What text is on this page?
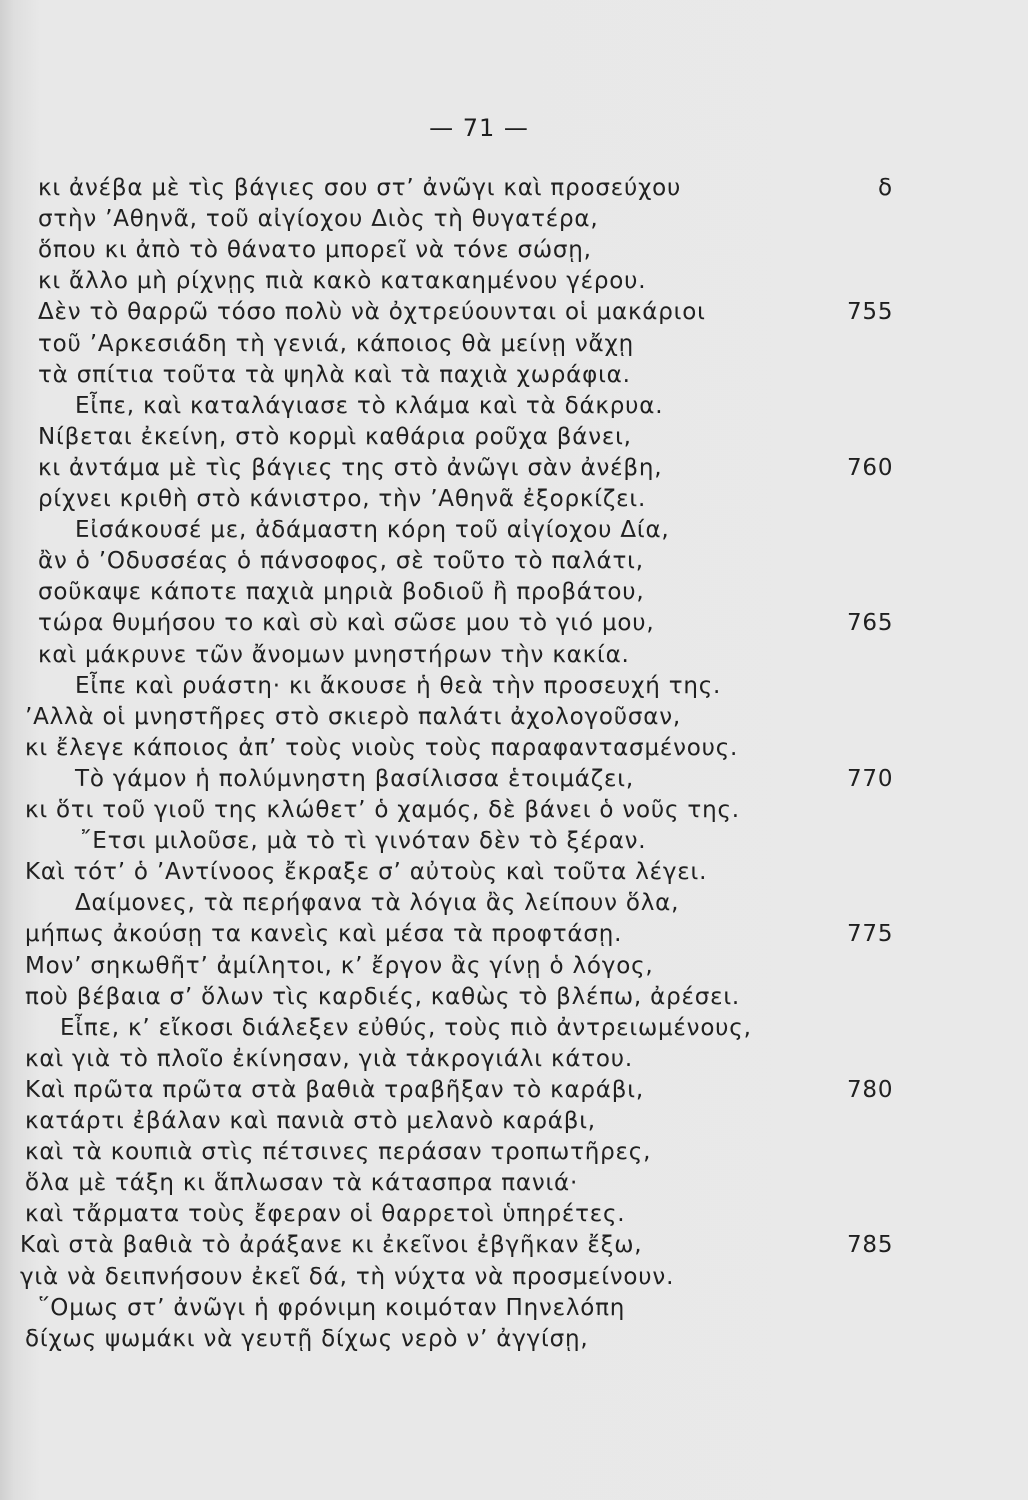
— 71 —
κι ἀνέβα μὲ τὶς βάγιες σου στ’ ἀνῶγι καὶ προσεύχου
στὴν ’Αθηνᾶ, τοῦ αἰγίοχου Διὸς τὴ θυγατέρα,
ὅπου κι ἀπὸ τὸ θάνατο μπορεῖ νὰ τόνε σώσῃ,
κι ἄλλο μὴ ρίχνῃς πιὰ κακὸ κατακαημένου γέρου.
Δὲν τὸ θαρρῶ τόσο πολὺ νὰ ὀχτρεύουνται οἱ μακάριοι	755
τοῦ ’Αρκεσιάδη τὴ γενιά, κάποιος θὰ μείνῃ νἄχῃ
τὰ σπίτια τοῦτα τὰ ψηλὰ καὶ τὰ παχιὰ χωράφια.
Εἶπε, καὶ καταλάγιασε τὸ κλάμα καὶ τὰ δάκρυα.
Νίβεται ἐκείνη, στὸ κορμὶ καθάρια ροῦχα βάνει,
κι ἀντάμα μὲ τὶς βάγιες της στὸ ἀνῶγι σὰν ἀνέβη,	760
ρίχνει κριθὴ στὸ κάνιστρο, τὴν ’Αθηνᾶ ἐξορκίζει.
Εἰσάκουσέ με, ἀδάμαστη κόρη τοῦ αἰγίοχου Δία,
ἂν ὁ ’Οδυσσέας ὁ πάνσοφος, σὲ τοῦτο τὸ παλάτι,
σοῦκαψε κάποτε παχιὰ μηριὰ βοδιοῦ ἢ προβάτου,
τώρα θυμήσου το καὶ σὺ καὶ σῶσε μου τὸ γιό μου,	765
καὶ μάκρυνε τῶν ἄνομων μνηστήρων τὴν κακία.
Εἶπε καὶ ρυάστη· κι ἄκουσε ἡ θεὰ τὴν προσευχή της.
’Αλλὰ οἱ μνηστῆρες στὸ σκιερὸ παλάτι ἀχολογοῦσαν,
κι ἔλεγε κάποιος ἀπ’ τοὺς νιοὺς τοὺς παραφαντασμένους.
Τὸ γάμον ἡ πολύμνηστη βασίλισσα ἑτοιμάζει,	770
κι ὅτι τοῦ γιοῦ της κλώθετ’ ὁ χαμός, δὲ βάνει ὁ νοῦς της.
῎Ετσι μιλοῦσε, μὰ τὸ τὶ γινόταν δὲν τὸ ξέραν.
Καὶ τότ’ ὁ ’Αντίνοος ἔκραξε σ’ αὐτοὺς καὶ τοῦτα λέγει.
Δαίμονες, τὰ περήφανα τὰ λόγια ἂς λείπουν ὅλα,
μήπως ἀκούσῃ τα κανεὶς καὶ μέσα τὰ προφτάσῃ.	775
Μον’ σηκωθῆτ’ ἀμίλητοι, κ’ ἔργον ἂς γίνῃ ὁ λόγος,
ποὺ βέβαια σ’ ὅλων τὶς καρδιές, καθὼς τὸ βλέπω, ἀρέσει.
Εἶπε, κ’ εἴκοσι διάλεξεν εὐθύς, τοὺς πιὸ ἀντρειωμένους,
καὶ γιὰ τὸ πλοῖο ἐκίνησαν, γιὰ τἀκρογιάλι κάτου.
Καὶ πρῶτα πρῶτα στὰ βαθιὰ τραβῆξαν τὸ καράβι,	780
κατάρτι ἐβάλαν καὶ πανιὰ στὸ μελανὸ καράβι,
καὶ τὰ κουπιὰ στὶς πέτσινες περάσαν τροπωτῆρες,
ὅλα μὲ τάξη κι ἅπλωσαν τὰ κάτασπρα πανιά·
καὶ τἄρματα τοὺς ἔφεραν οἱ θαρρετοὶ ὑπηρέτες.
Καὶ στὰ βαθιὰ τὸ ἀράξανε κι ἐκεῖνοι ἐβγῆκαν ἔξω,	785
γιὰ νὰ δειπνήσουν ἐκεῖ δά, τὴ νύχτα νὰ προσμείνουν.
῞Ομως στ’ ἀνῶγι ἡ φρόνιμη κοιμόταν Πηνελόπη
δίχως ψωμάκι νὰ γευτῇ δίχως νερὸ ν’ ἀγγίσῃ,
δ
